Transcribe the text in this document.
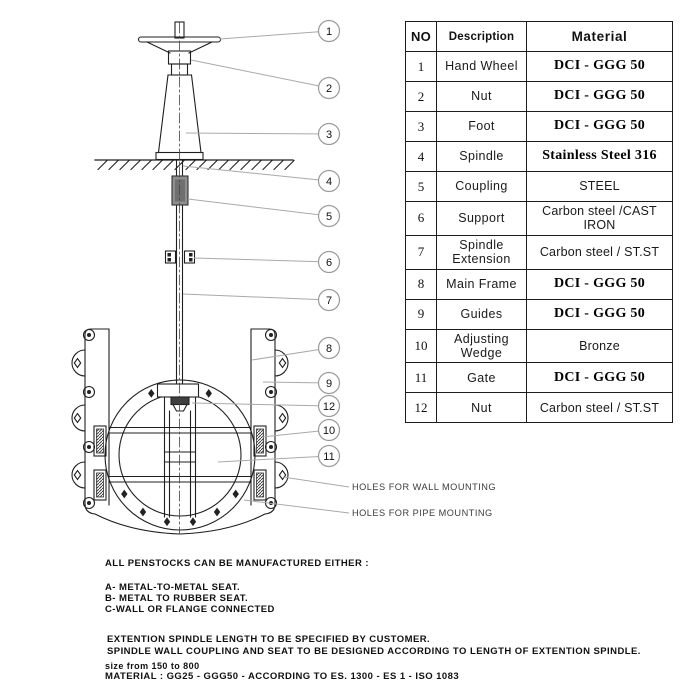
1
2
3
4
5
6
7
8
9
10
11
12
HOLES FOR WALL MOUNTING
HOLES FOR PIPE MOUNTING
NO	Description	Material
1	Hand Wheel	DCI - GGG 50
2	Nut	DCI - GGG 50
3	Foot	DCI - GGG 50
4	Spindle	Stainless Steel 316
5	Coupling	STEEL
6	Support	Carbon steel /CAST IRON
7	Spindle Extension	Carbon steel / ST.ST
8	Main Frame	DCI - GGG 50
9	Guides	DCI - GGG 50
10	Adjusting Wedge	Bronze
11	Gate	DCI - GGG 50
12	Nut	Carbon steel / ST.ST
ALL PENSTOCKS CAN BE MANUFACTURED EITHER :
A- METAL-TO-METAL SEAT.
B- METAL TO RUBBER SEAT.
C-WALL OR FLANGE CONNECTED
EXTENTION SPINDLE LENGTH TO BE SPECIFIED BY CUSTOMER.
SPINDLE WALL COUPLING AND SEAT TO BE DESIGNED ACCORDING TO LENGTH OF EXTENTION SPINDLE.
size from 150 to 800
MATERIAL : GG25 - GGG50 - ACCORDING TO ES. 1300 - ES 1 - ISO 1083
